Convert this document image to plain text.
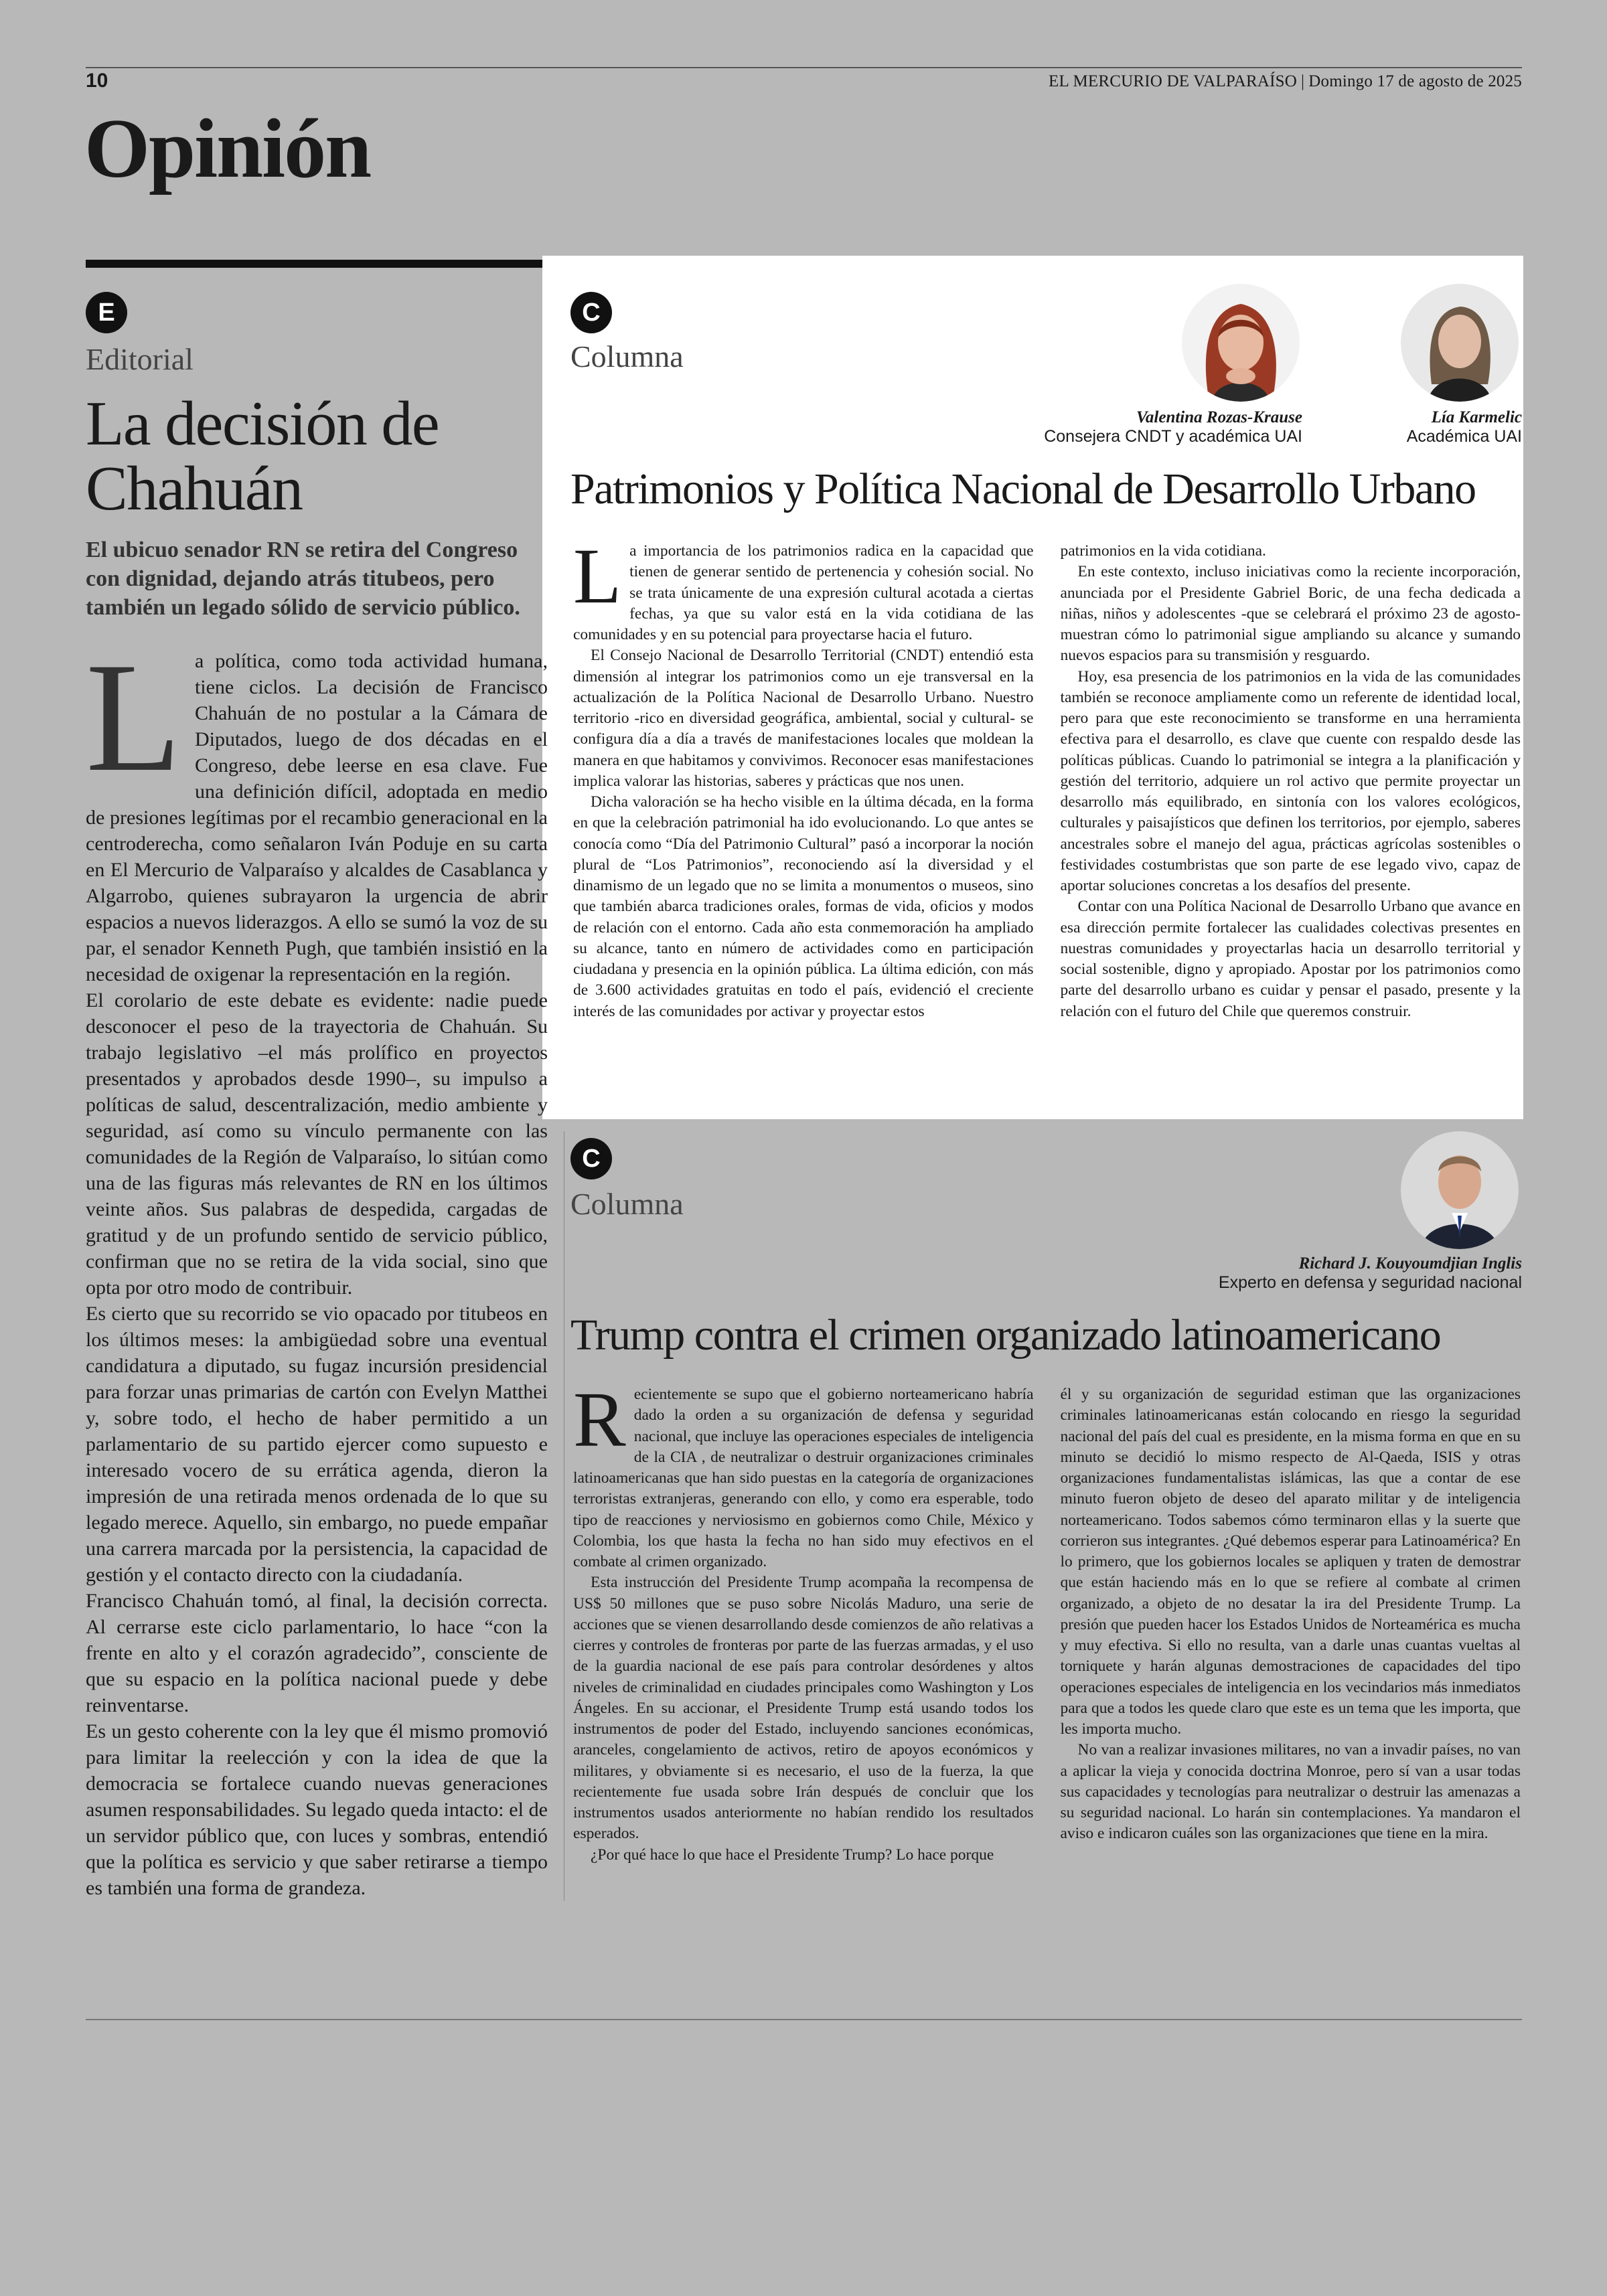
10	EL MERCURIO DE VALPARAÍSO | Domingo 17 de agosto de 2025
Opinión
E
Editorial
La decisión de Chahuán
El ubicuo senador RN se retira del Congreso con dignidad, dejando atrás titubeos, pero también un legado sólido de servicio público.

La política, como toda actividad humana, tiene ciclos. La decisión de Francisco Chahuán de no postular a la Cámara de Diputados, luego de dos décadas en el Congreso, debe leerse en esa clave. Fue una definición difícil, adoptada en medio de presiones legítimas por el recambio generacional en la centroderecha, como señalaron Iván Poduje en su carta en El Mercurio de Valparaíso y alcaldes de Casablanca y Algarrobo, quienes subrayaron la urgencia de abrir espacios a nuevos liderazgos. A ello se sumó la voz de su par, el senador Kenneth Pugh, que también insistió en la necesidad de oxigenar la representación en la región.

El corolario de este debate es evidente: nadie puede desconocer el peso de la trayectoria de Chahuán. Su trabajo legislativo –el más prolífico en proyectos presentados y aprobados desde 1990–, su impulso a políticas de salud, descentralización, medio ambiente y seguridad, así como su vínculo permanente con las comunidades de la Región de Valparaíso, lo sitúan como una de las figuras más relevantes de RN en los últimos veinte años. Sus palabras de despedida, cargadas de gratitud y de un profundo sentido de servicio público, confirman que no se retira de la vida social, sino que opta por otro modo de contribuir.

Es cierto que su recorrido se vio opacado por titubeos en los últimos meses: la ambigüedad sobre una eventual candidatura a diputado, su fugaz incursión presidencial para forzar unas primarias de cartón con Evelyn Matthei y, sobre todo, el hecho de haber permitido a un parlamentario de su partido ejercer como supuesto e interesado vocero de su errática agenda, dieron la impresión de una retirada menos ordenada de lo que su legado merece. Aquello, sin embargo, no puede empañar una carrera marcada por la persistencia, la capacidad de gestión y el contacto directo con la ciudadanía.

Francisco Chahuán tomó, al final, la decisión correcta. Al cerrarse este ciclo parlamentario, lo hace “con la frente en alto y el corazón agradecido”, consciente de que su espacio en la política nacional puede y debe reinventarse.

Es un gesto coherente con la ley que él mismo promovió para limitar la reelección y con la idea de que la democracia se fortalece cuando nuevas generaciones asumen responsabilidades. Su legado queda intacto: el de un servidor público que, con luces y sombras, entendió que la política es servicio y que saber retirarse a tiempo es también una forma de grandeza.

C
Columna
Valentina Rozas-Krause
Consejera CNDT y académica UAI
Lía Karmelic
Académica UAI
Patrimonios y Política Nacional de Desarrollo Urbano

La importancia de los patrimonios radica en la capacidad que tienen de generar sentido de pertenencia y cohesión social. No se trata únicamente de una expresión cultural acotada a ciertas fechas, ya que su valor está en la vida cotidiana de las comunidades y en su potencial para proyectarse hacia el futuro.

El Consejo Nacional de Desarrollo Territorial (CNDT) entendió esta dimensión al integrar los patrimonios como un eje transversal en la actualización de la Política Nacional de Desarrollo Urbano. Nuestro territorio -rico en diversidad geográfica, ambiental, social y cultural- se configura día a día a través de manifestaciones locales que moldean la manera en que habitamos y convivimos. Reconocer esas manifestaciones implica valorar las historias, saberes y prácticas que nos unen.

Dicha valoración se ha hecho visible en la última década, en la forma en que la celebración patrimonial ha ido evolucionando. Lo que antes se conocía como “Día del Patrimonio Cultural” pasó a incorporar la noción plural de “Los Patrimonios”, reconociendo así la diversidad y el dinamismo de un legado que no se limita a monumentos o museos, sino que también abarca tradiciones orales, formas de vida, oficios y modos de relación con el entorno. Cada año esta conmemoración ha ampliado su alcance, tanto en número de actividades como en participación ciudadana y presencia en la opinión pública. La última edición, con más de 3.600 actividades gratuitas en todo el país, evidenció el creciente interés de las comunidades por activar y proyectar estos

patrimonios en la vida cotidiana.

En este contexto, incluso iniciativas como la reciente incorporación, anunciada por el Presidente Gabriel Boric, de una fecha dedicada a niñas, niños y adolescentes -que se celebrará el próximo 23 de agosto- muestran cómo lo patrimonial sigue ampliando su alcance y sumando nuevos espacios para su transmisión y resguardo.

Hoy, esa presencia de los patrimonios en la vida de las comunidades también se reconoce ampliamente como un referente de identidad local, pero para que este reconocimiento se transforme en una herramienta efectiva para el desarrollo, es clave que cuente con respaldo desde las políticas públicas. Cuando lo patrimonial se integra a la planificación y gestión del territorio, adquiere un rol activo que permite proyectar un desarrollo más equilibrado, en sintonía con los valores ecológicos, culturales y paisajísticos que definen los territorios, por ejemplo, saberes ancestrales sobre el manejo del agua, prácticas agrícolas sostenibles o festividades costumbristas que son parte de ese legado vivo, capaz de aportar soluciones concretas a los desafíos del presente.

Contar con una Política Nacional de Desarrollo Urbano que avance en esa dirección permite fortalecer las cualidades colectivas presentes en nuestras comunidades y proyectarlas hacia un desarrollo territorial y social sostenible, digno y apropiado. Apostar por los patrimonios como parte del desarrollo urbano es cuidar y pensar el pasado, presente y la relación con el futuro del Chile que queremos construir.

C
Columna
Richard J. Kouyoumdjian Inglis
Experto en defensa y seguridad nacional
Trump contra el crimen organizado latinoamericano

Recientemente se supo que el gobierno norteamericano habría dado la orden a su organización de defensa y seguridad nacional, que incluye las operaciones especiales de inteligencia de la CIA , de neutralizar o destruir organizaciones criminales latinoamericanas que han sido puestas en la categoría de organizaciones terroristas extranjeras, generando con ello, y como era esperable, todo tipo de reacciones y nerviosismo en gobiernos como Chile, México y Colombia, los que hasta la fecha no han sido muy efectivos en el combate al crimen organizado.

Esta instrucción del Presidente Trump acompaña la recompensa de US$ 50 millones que se puso sobre Nicolás Maduro, una serie de acciones que se vienen desarrollando desde comienzos de año relativas a cierres y controles de fronteras por parte de las fuerzas armadas, y el uso de la guardia nacional de ese país para controlar desórdenes y altos niveles de criminalidad en ciudades principales como Washington y Los Ángeles. En su accionar, el Presidente Trump está usando todos los instrumentos de poder del Estado, incluyendo sanciones económicas, aranceles, congelamiento de activos, retiro de apoyos económicos y militares, y obviamente si es necesario, el uso de la fuerza, la que recientemente fue usada sobre Irán después de concluir que los instrumentos usados anteriormente no habían rendido los resultados esperados.

¿Por qué hace lo que hace el Presidente Trump? Lo hace porque

él y su organización de seguridad estiman que las organizaciones criminales latinoamericanas están colocando en riesgo la seguridad nacional del país del cual es presidente, en la misma forma en que en su minuto se decidió lo mismo respecto de Al-Qaeda, ISIS y otras organizaciones fundamentalistas islámicas, las que a contar de ese minuto fueron objeto de deseo del aparato militar y de inteligencia norteamericano. Todos sabemos cómo terminaron ellas y la suerte que corrieron sus integrantes. ¿Qué debemos esperar para Latinoamérica? En lo primero, que los gobiernos locales se apliquen y traten de demostrar que están haciendo más en lo que se refiere al combate al crimen organizado, a objeto de no desatar la ira del Presidente Trump. La presión que pueden hacer los Estados Unidos de Norteamérica es mucha y muy efectiva. Si ello no resulta, van a darle unas cuantas vueltas al torniquete y harán algunas demostraciones de capacidades del tipo operaciones especiales de inteligencia en los vecindarios más inmediatos para que a todos les quede claro que este es un tema que les importa, que les importa mucho.

No van a realizar invasiones militares, no van a invadir países, no van a aplicar la vieja y conocida doctrina Monroe, pero sí van a usar todas sus capacidades y tecnologías para neutralizar o destruir las amenazas a su seguridad nacional. Lo harán sin contemplaciones. Ya mandaron el aviso e indicaron cuáles son las organizaciones que tiene en la mira.
